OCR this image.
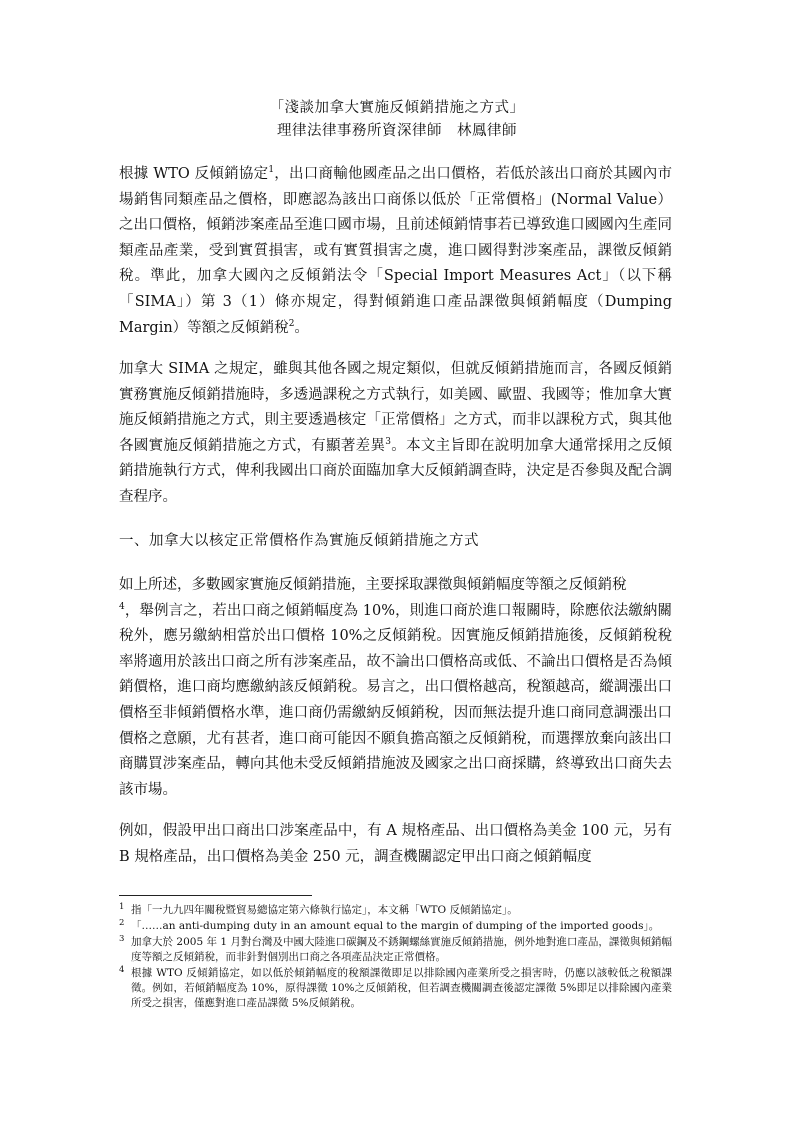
「淺談加拿大實施反傾銷措施之方式」
理律法律事務所資深律師　林鳳律師

根據 WTO 反傾銷協定$^1$，出口商輸他國產品之出口價格，若低於該出口商於其國內市場銷售同類產品之價格，即應認為該出口商係以低於「正常價格」(Normal Value）之出口價格，傾銷涉案產品至進口國市場，且前述傾銷情事若已導致進口國國內生產同類產品產業，受到實質損害，或有實質損害之虞，進口國得對涉案產品，課徵反傾銷稅。準此，加拿大國內之反傾銷法令「Special Import Measures Act」（以下稱「SIMA」）第 3（1）條亦規定，得對傾銷進口產品課徵與傾銷幅度（Dumping Margin）等額之反傾銷稅$^2$。

加拿大 SIMA 之規定，雖與其他各國之規定類似，但就反傾銷措施而言，各國反傾銷實務實施反傾銷措施時，多透過課稅之方式執行，如美國、歐盟、我國等；惟加拿大實施反傾銷措施之方式，則主要透過核定「正常價格」之方式，而非以課稅方式，與其他各國實施反傾銷措施之方式，有顯著差異$^3$。本文主旨即在說明加拿大通常採用之反傾銷措施執行方式，俾利我國出口商於面臨加拿大反傾銷調查時，決定是否參與及配合調查程序。

一、加拿大以核定正常價格作為實施反傾銷措施之方式

如上所述，多數國家實施反傾銷措施，主要採取課徵與傾銷幅度等額之反傾銷稅
$^4$，舉例言之，若出口商之傾銷幅度為 10%，則進口商於進口報關時，除應依法繳納關稅外，應另繳納相當於出口價格 10%之反傾銷稅。因實施反傾銷措施後，反傾銷稅稅率將適用於該出口商之所有涉案產品，故不論出口價格高或低、不論出口價格是否為傾銷價格，進口商均應繳納該反傾銷稅。易言之，出口價格越高，稅額越高，縱調漲出口價格至非傾銷價格水準，進口商仍需繳納反傾銷稅，因而無法提升進口商同意調漲出口價格之意願，尤有甚者，進口商可能因不願負擔高額之反傾銷稅，而選擇放棄向該出口商購買涉案產品，轉向其他未受反傾銷措施波及國家之出口商採購，終導致出口商失去該市場。

例如，假設甲出口商出口涉案產品中，有 A 規格產品、出口價格為美金 100 元，另有 B 規格產品，出口價格為美金 250 元，調查機關認定甲出口商之傾銷幅度

1 指「一九九四年關稅暨貿易總協定第六條執行協定」，本文稱「WTO 反傾銷協定」。
2 「……an anti-dumping duty in an amount equal to the margin of dumping of the imported goods」。
3 加拿大於 2005 年 1 月對台灣及中國大陸進口碳鋼及不銹鋼螺絲實施反傾銷措施，例外地對進口產品，課徵與傾銷幅度等額之反傾銷稅，而非針對個別出口商之各項產品決定正常價格。
4 根據 WTO 反傾銷協定，如以低於傾銷幅度的稅額課徵即足以排除國內產業所受之損害時，仍應以該較低之稅額課徵。例如，若傾銷幅度為 10%，原得課徵 10%之反傾銷稅，但若調查機關調查後認定課徵 5%即足以排除國內產業所受之損害，僅應對進口產品課徵 5%反傾銷稅。
